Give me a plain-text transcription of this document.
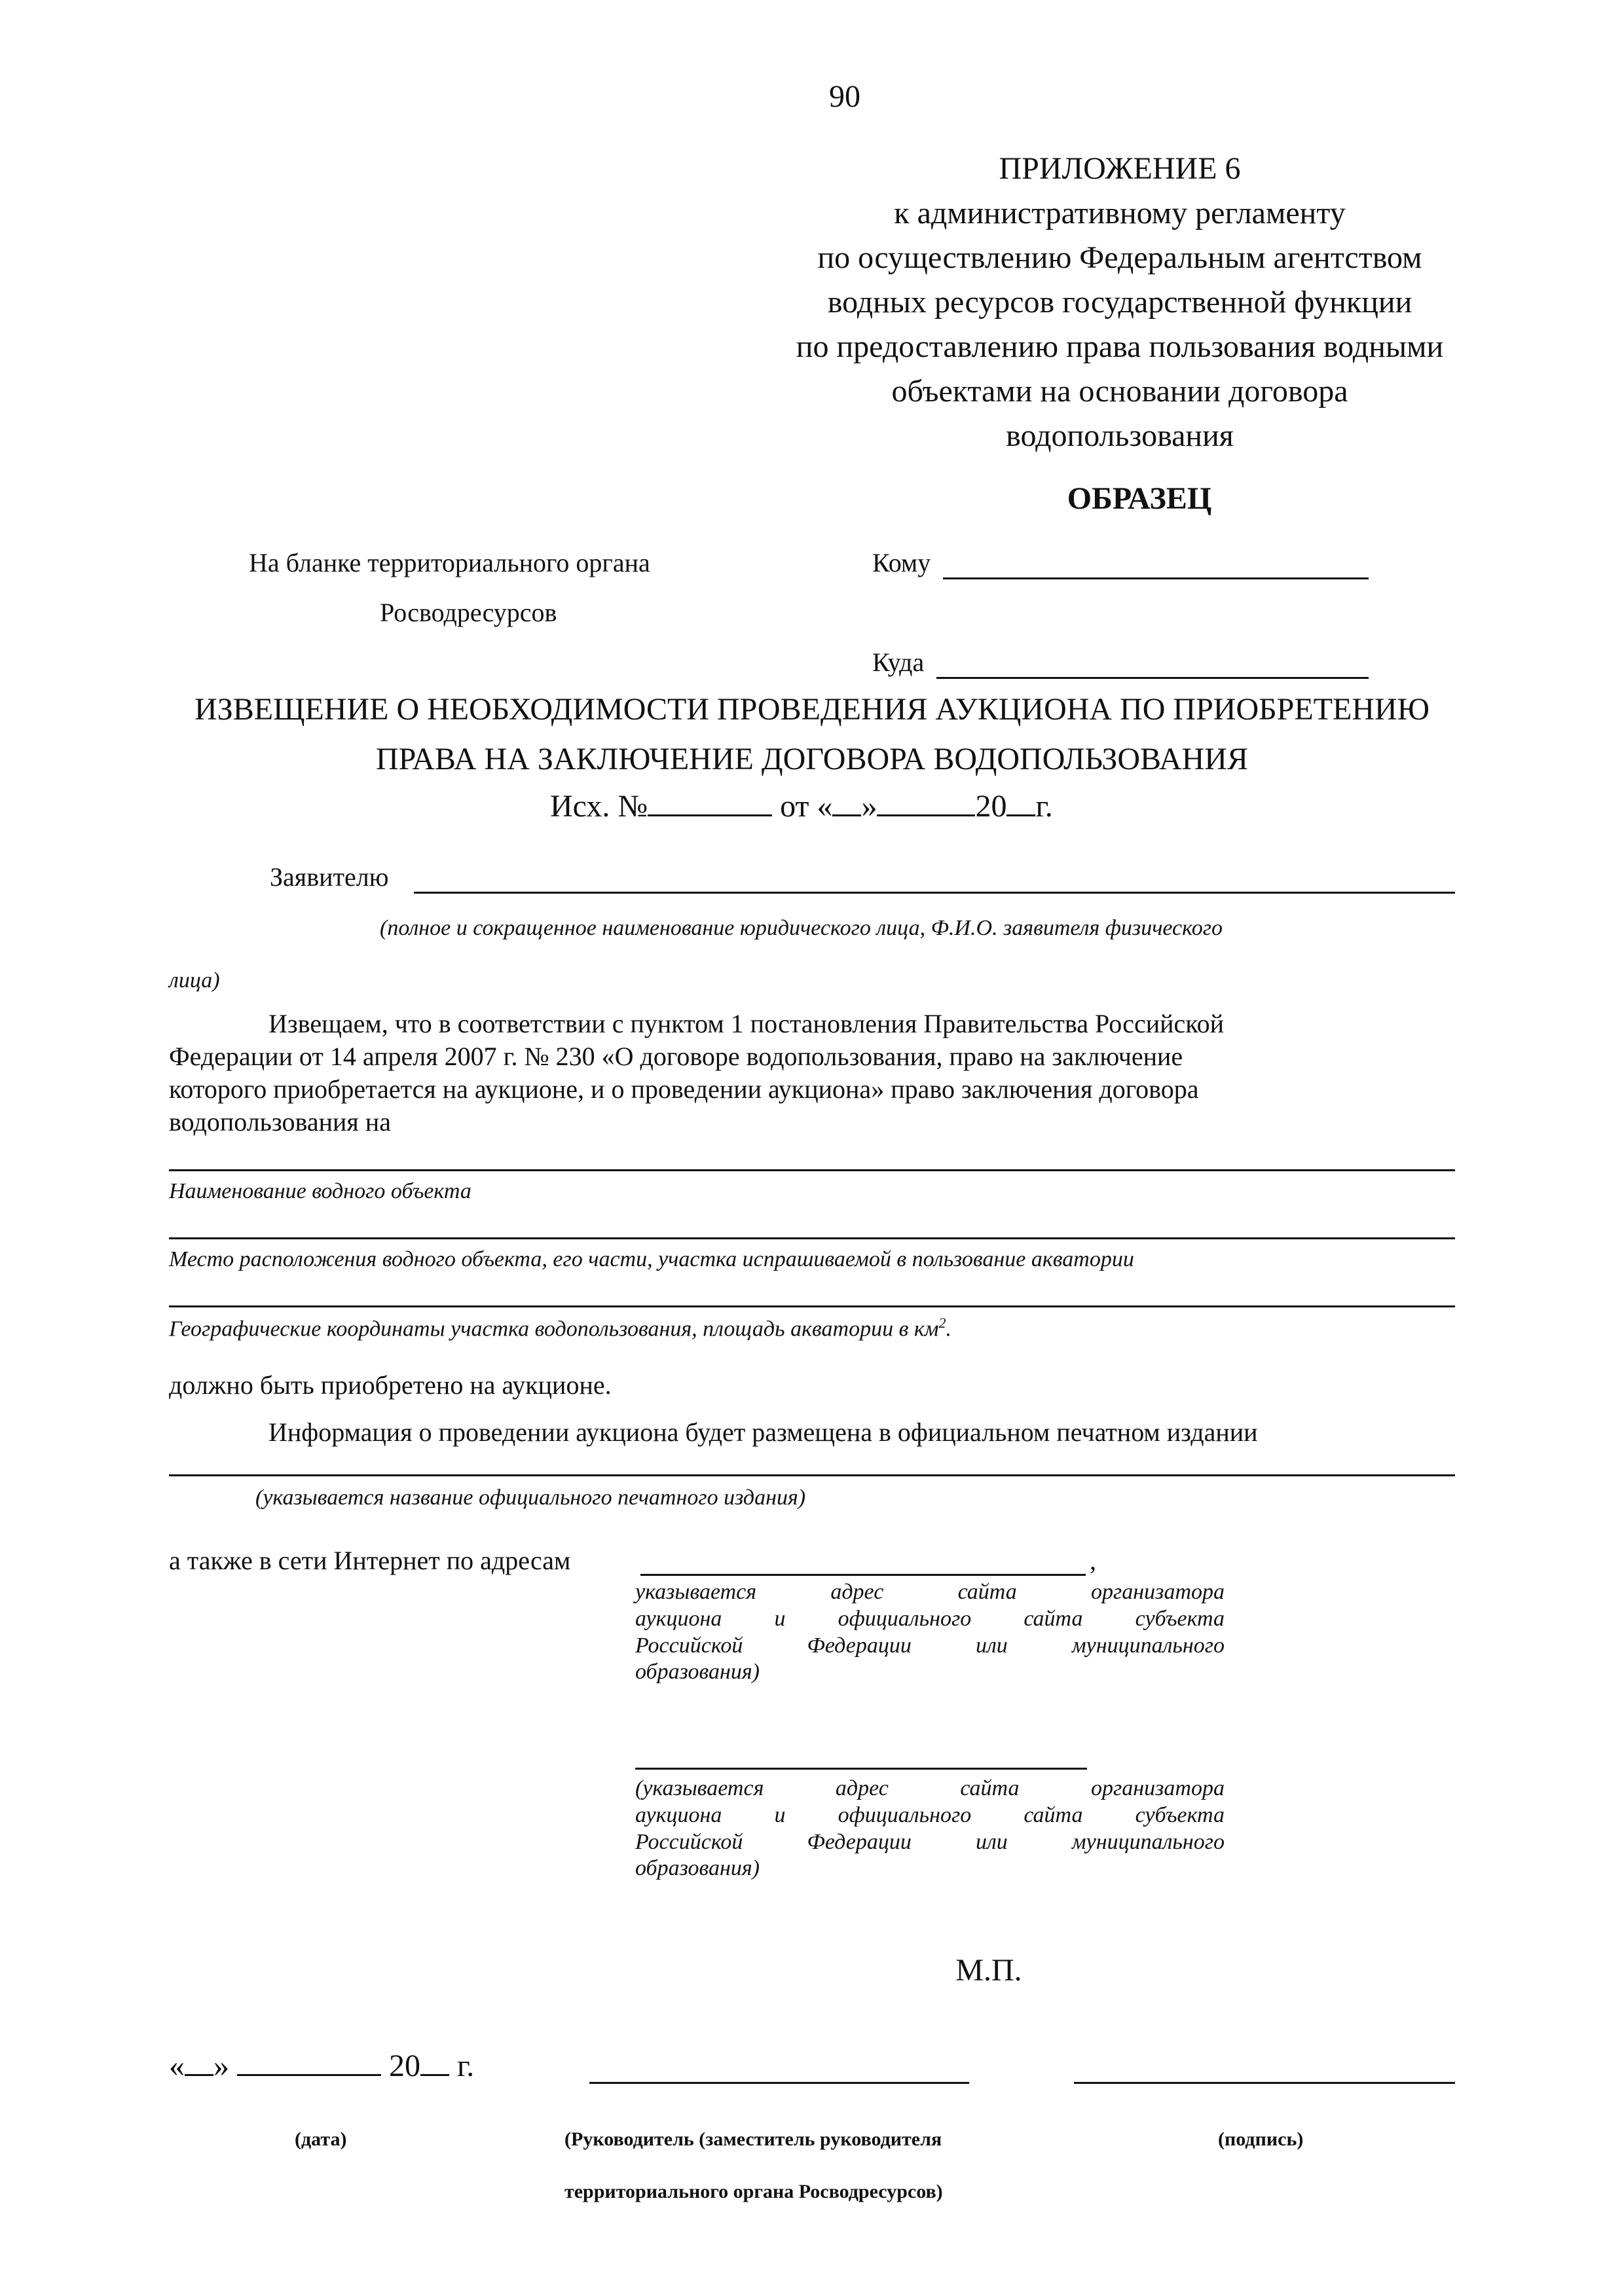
90
ПРИЛОЖЕНИЕ 6
к административному регламенту
по осуществлению Федеральным агентством
водных ресурсов государственной функции
по предоставлению права пользования водными
объектами на основании договора
водопользования
ОБРАЗЕЦ
На бланке территориального органа
Росводресурсов
Кому
Куда
ИЗВЕЩЕНИЕ О НЕОБХОДИМОСТИ ПРОВЕДЕНИЯ АУКЦИОНА ПО ПРИОБРЕТЕНИЮ
ПРАВА НА ЗАКЛЮЧЕНИЕ ДОГОВОРА ВОДОПОЛЬЗОВАНИЯ
Исх. №	от « »	20 г.
Заявителю
(полное и сокращенное наименование юридического лица, Ф.И.О. заявителя физического
лица)
Извещаем, что в соответствии с пунктом 1 постановления Правительства Российской
Федерации от 14 апреля 2007 г. № 230 «О договоре водопользования, право на заключение
которого приобретается на аукционе, и о проведении аукциона» право заключения договора
водопользования на
Наименование водного объекта
Место расположения водного объекта, его части, участка испрашиваемой в пользование акватории
Географические координаты участка водопользования, площадь акватории в $км^2$.
должно быть приобретено на аукционе.
Информация о проведении аукциона будет размещена в официальном печатном издании
(указывается название официального печатного издания)
а также в сети Интернет по адресам	,
указывается адрес сайта организатора
аукциона и официального сайта субъекта
Российской Федерации или муниципального
образования)
(указывается адрес сайта организатора
аукциона и официального сайта субъекта
Российской Федерации или муниципального
образования)
М.П.
« »	20 г.
(дата)	(Руководитель (заместитель руководителя
территориального органа Росводресурсов)
(подпись)
